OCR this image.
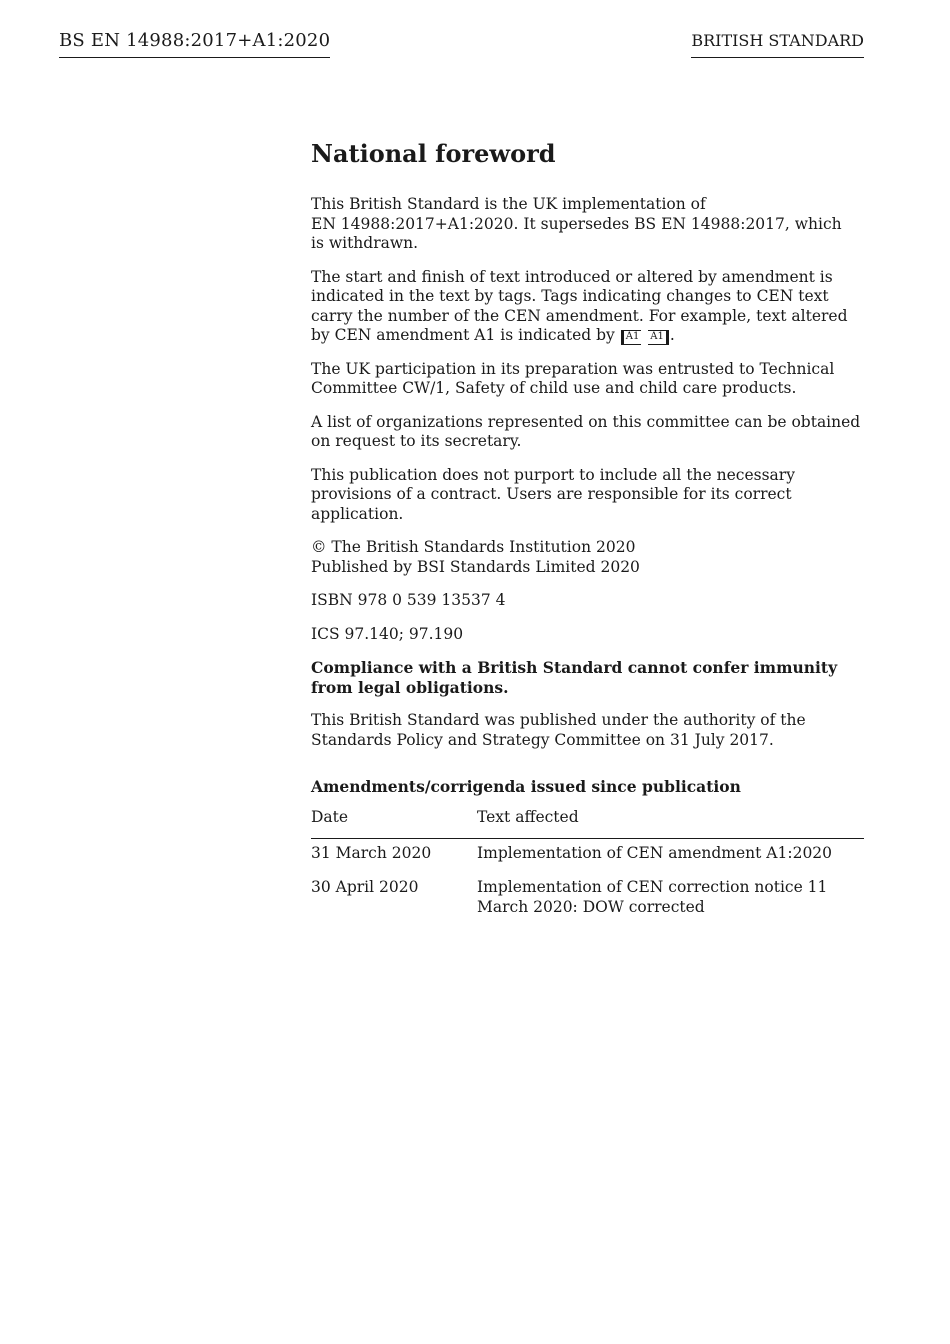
BS EN 14988:2017+A1:2020	BRITISH STANDARD
National foreword

This British Standard is the UK implementation of
EN 14988:2017+A1:2020. It supersedes BS EN 14988:2017, which
is withdrawn.

The start and finish of text introduced or altered by amendment is indicated in the text by tags. Tags indicating changes to CEN text carry the number of the CEN amendment. For example, text altered by CEN amendment A1 is indicated by A1 A1 .

The UK participation in its preparation was entrusted to Technical Committee CW/1, Safety of child use and child care products.

A list of organizations represented on this committee can be obtained on request to its secretary.

This publication does not purport to include all the necessary provisions of a contract. Users are responsible for its correct application.

© The British Standards Institution 2020
Published by BSI Standards Limited 2020

ISBN 978 0 539 13537 4

ICS 97.140; 97.190

Compliance with a British Standard cannot confer immunity from legal obligations.

This British Standard was published under the authority of the Standards Policy and Strategy Committee on 31 July 2017.

Amendments/corrigenda issued since publication
Date	Text affected
31 March 2020	Implementation of CEN amendment A1:2020
30 April 2020	Implementation of CEN correction notice 11 March 2020: DOW corrected
